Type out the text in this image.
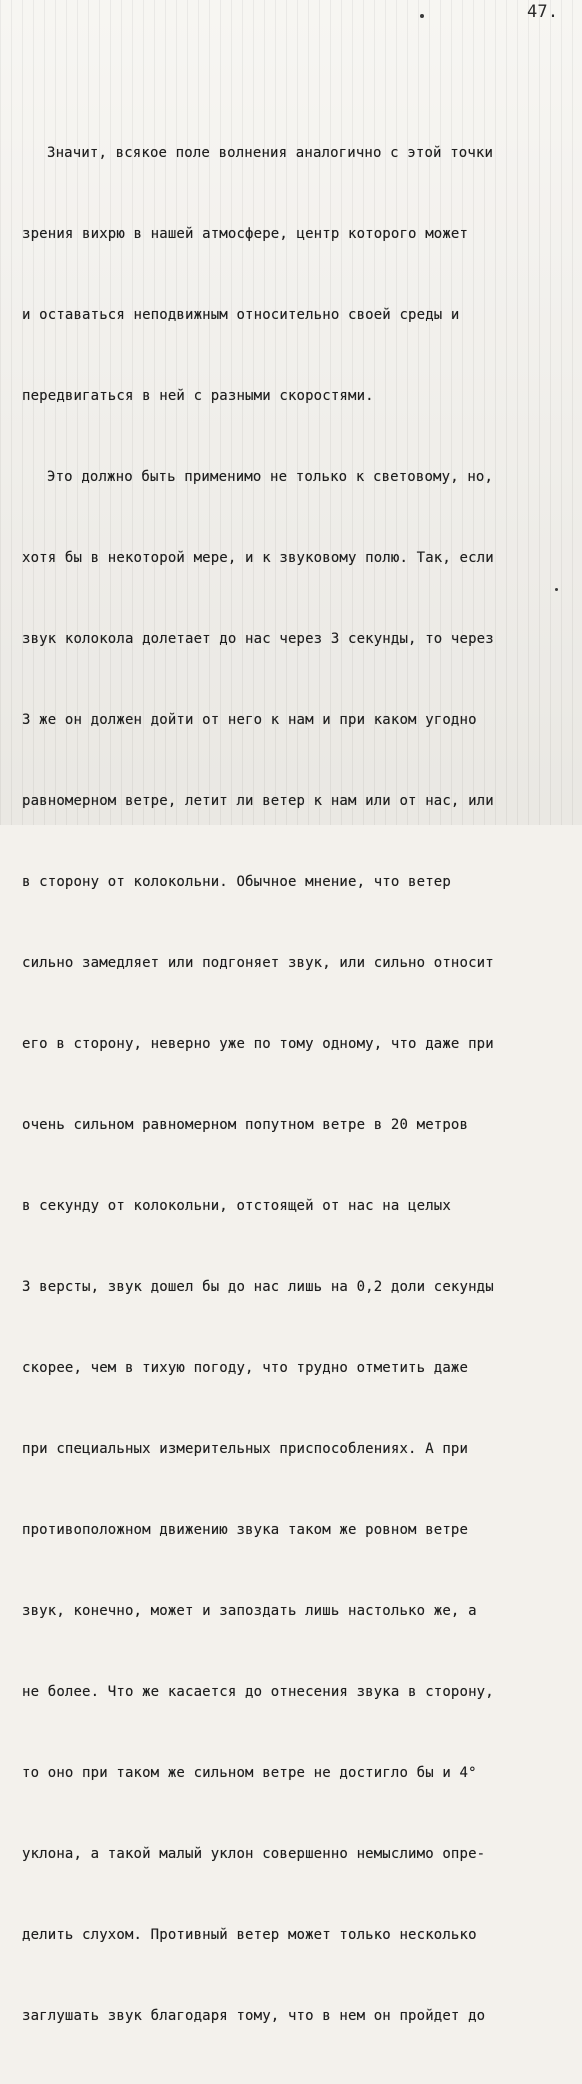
47.

Значит, всякое поле волнения аналогично с этой точки

зрения вихрю в нашей атмосфере, центр которого может

и оставаться неподвижным относительно своей среды и

передвигаться в ней с разными скоростями.

Это должно быть применимо не только к световому, но,

хотя бы в некоторой мере, и к звуковому полю. Так, если

звук колокола долетает до нас через 3 секунды, то через

3 же он должен дойти от него к нам и при каком угодно

равномерном ветре, летит ли ветер к нам или от нас, или

в сторону от колокольни. Обычное мнение, что ветер

сильно замедляет или подгоняет звук, или сильно относит

его в сторону, неверно уже по тому одному, что даже при

очень сильном равномерном попутном ветре в 20 метров

в секунду от колокольни, отстоящей от нас на целых

3 версты, звук дошел бы до нас лишь на 0,2 доли секунды

скорее, чем в тихую погоду, что трудно отметить даже

при специальных измерительных приспособлениях. А при

противоположном движению звука таком же ровном ветре

звук, конечно, может и запоздать лишь настолько же, а

не более. Что же касается до отнесения звука в сторону,

то оно при таком же сильном ветре не достигло бы и 4°

уклона, а такой малый уклон совершенно немыслимо опре-

делить слухом. Противный ветер может только несколько

заглушать звук благодаря тому, что в нем он пройдет до
